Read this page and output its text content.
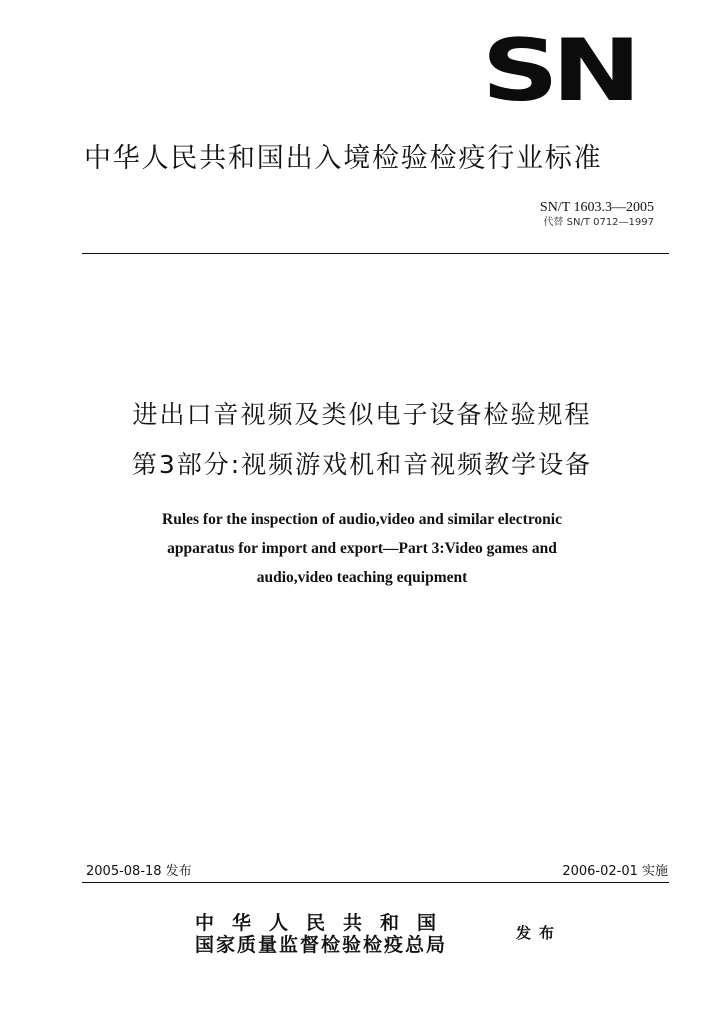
SN
中华人民共和国出入境检验检疫行业标准
SN/T 1603.3—2005
代替 SN/T 0712—1997
进出口音视频及类似电子设备检验规程
第3部分:视频游戏机和音视频教学设备
Rules for the inspection of audio,video and similar electronic
apparatus for import and export—Part 3:Video games and
audio,video teaching equipment
2005-08-18 发布	2006-02-01 实施
中华人民共和国
国家质量监督检验检疫总局
发布
